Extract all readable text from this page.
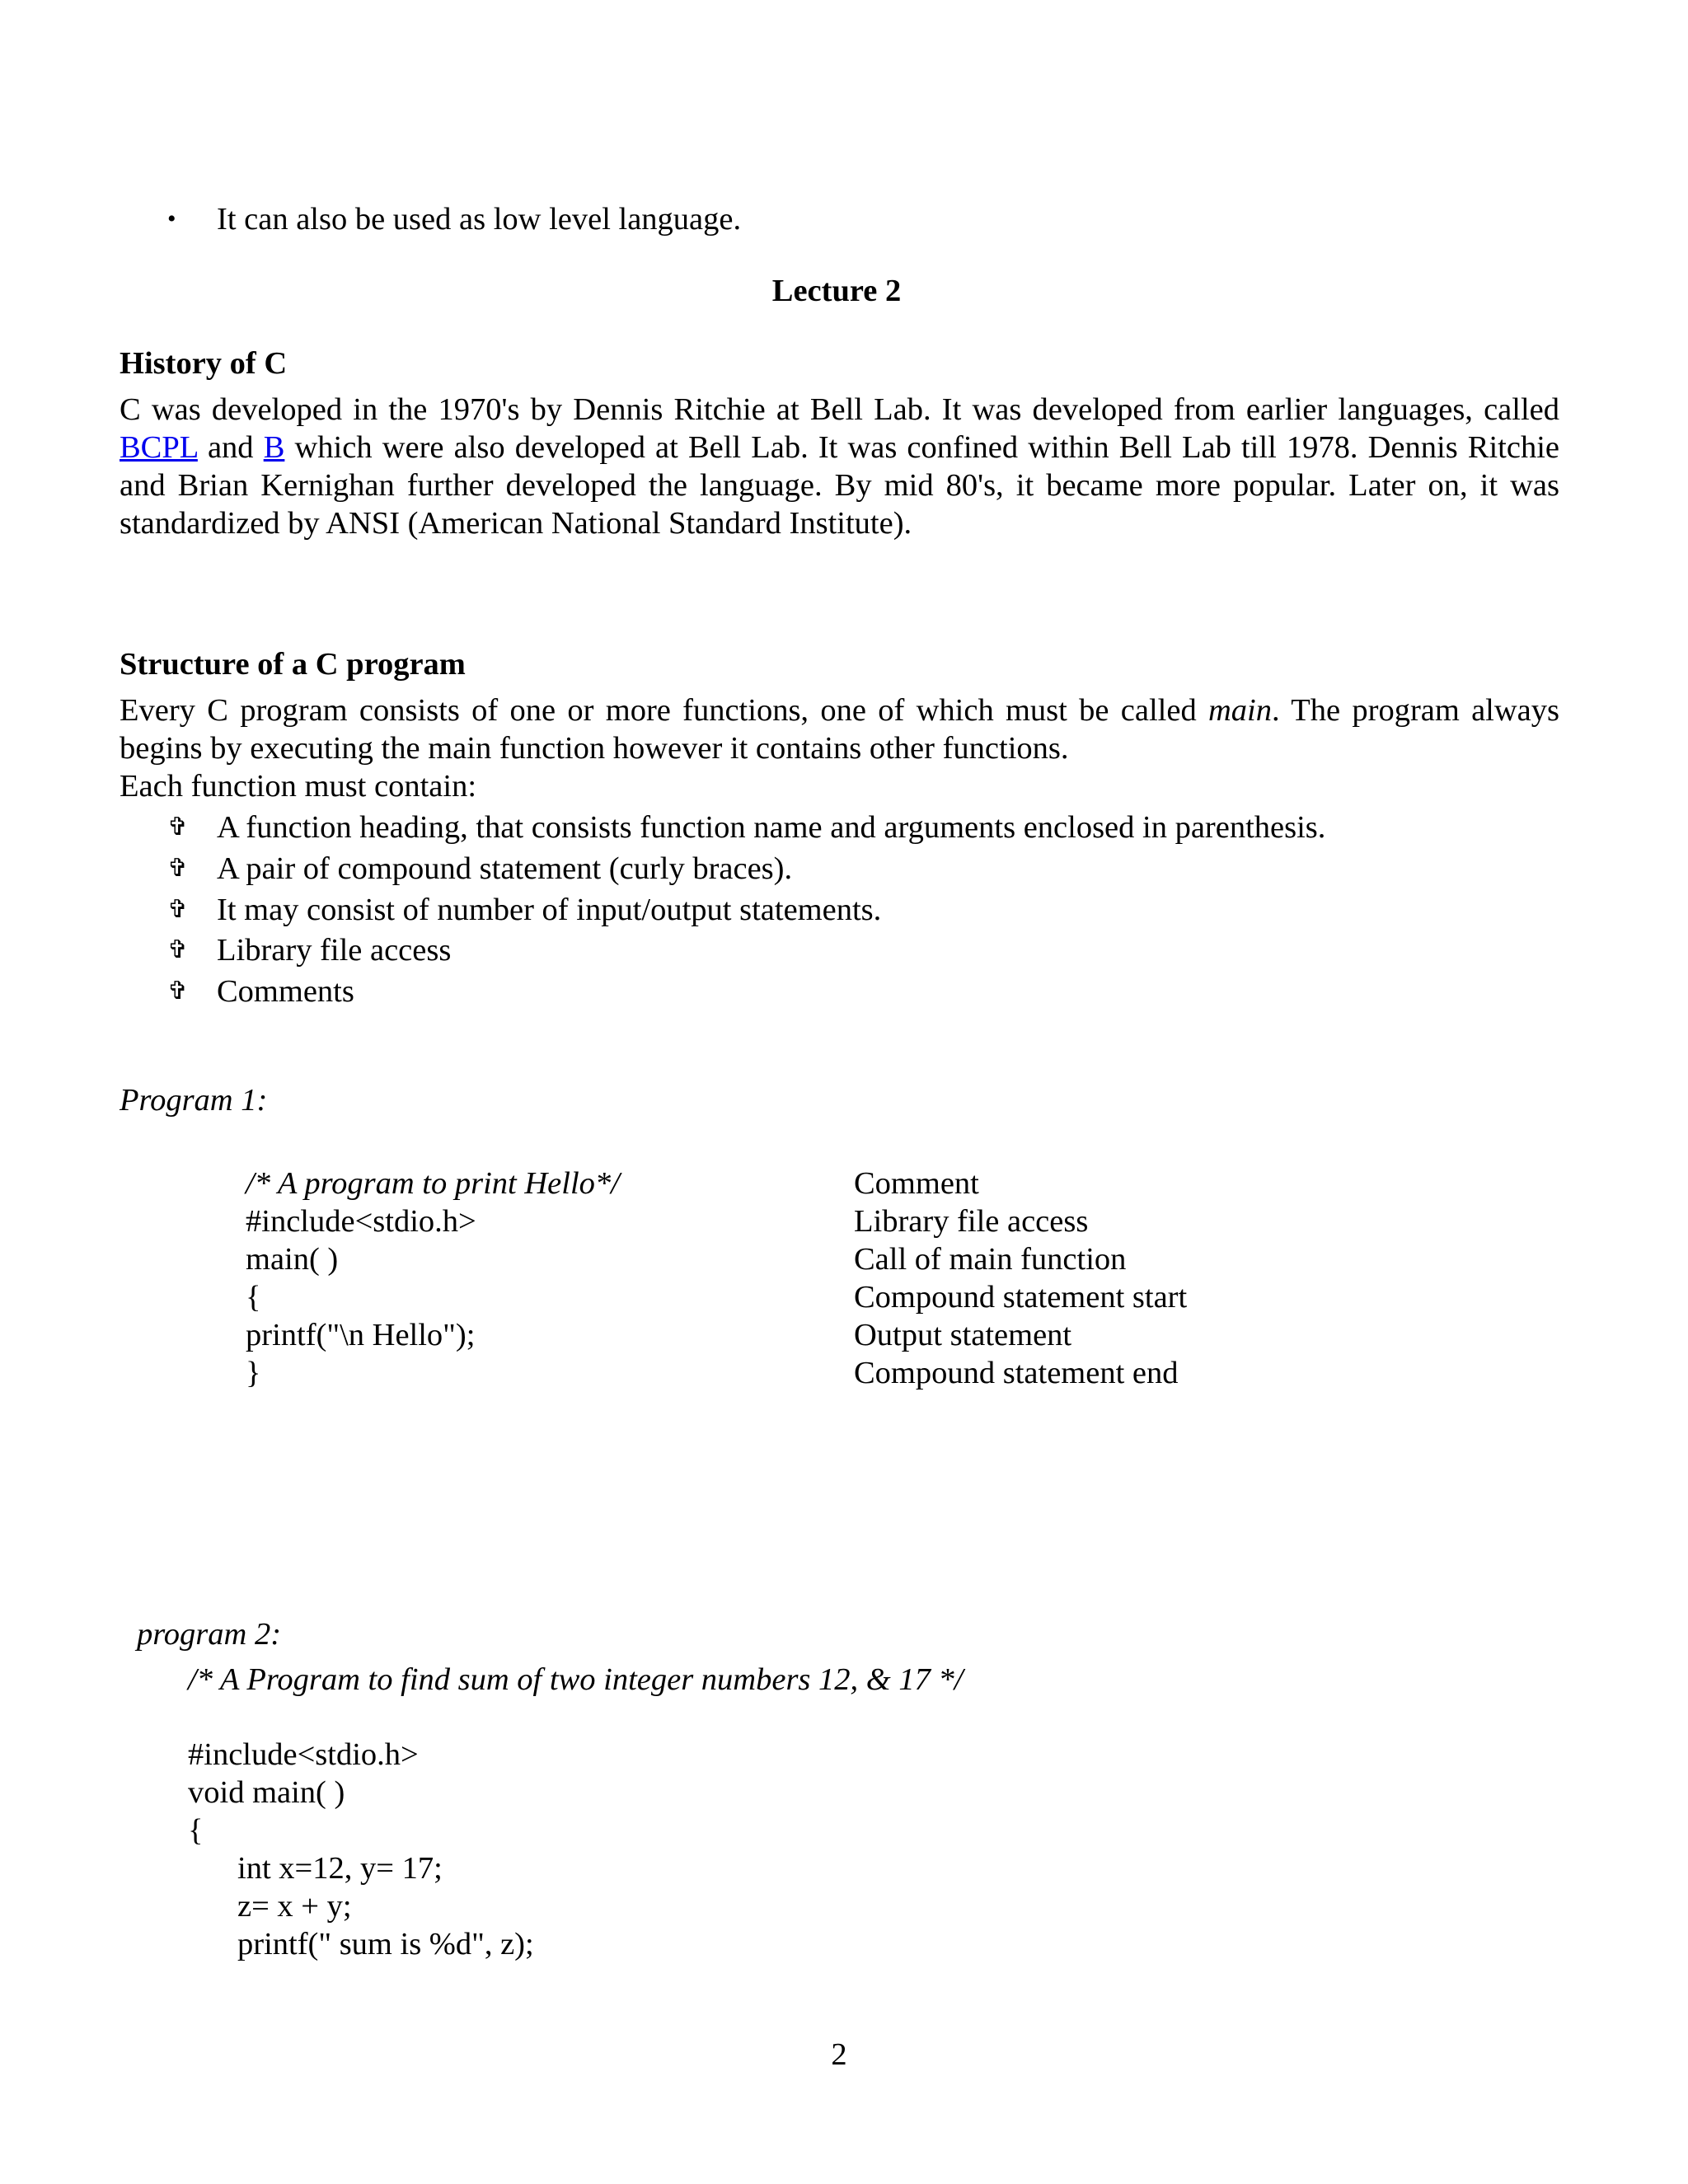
• It can also be used as low level language.
Lecture 2
History of C
C was developed in the 1970's by Dennis Ritchie at Bell Lab. It was developed from earlier languages, called BCPL and B which were also developed at Bell Lab. It was confined within Bell Lab till 1978. Dennis Ritchie and Brian Kernighan further developed the language. By mid 80's, it became more popular. Later on, it was standardized by ANSI (American National Standard Institute).
Structure of a C program
Every C program consists of one or more functions, one of which must be called main. The program always begins by executing the main function however it contains other functions.
Each function must contain:
✞ A function heading, that consists function name and arguments enclosed in parenthesis.
✞ A pair of compound statement (curly braces).
✞ It may consist of number of input/output statements.
✞ Library file access
✞ Comments
Program 1:
/* A program to print Hello*/
#include<stdio.h>
main( )
{
printf("\n Hello");
}
Comment
Library file access
Call of main function
Compound statement start
Output statement
Compound statement end
program 2:
/* A Program to find sum of two integer numbers 12, & 17 */
#include<stdio.h>
void main( )
{
int x=12, y= 17;
z= x + y;
printf(" sum is %d", z);
2
